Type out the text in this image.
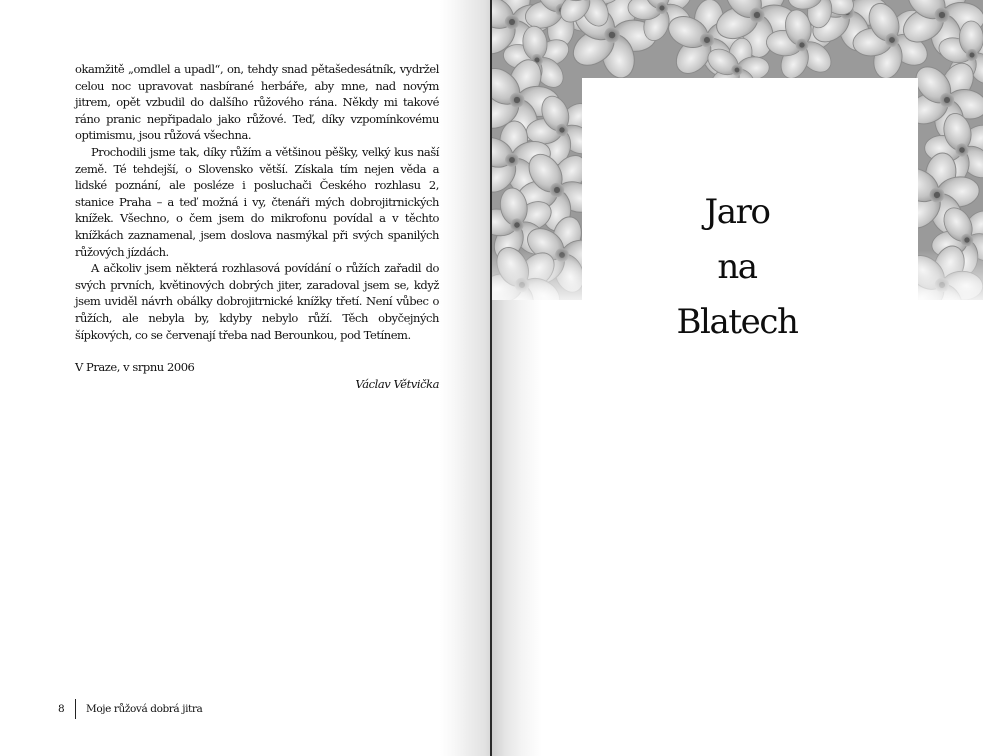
okamžitě „omdlel a upadl“, on, tehdy snad pětašedesátník, vydržel celou noc upravovat nasbírané herbáře, aby mne, nad novým jitrem, opět vzbudil do dalšího růžového rána. Někdy mi takové ráno pranic nepřipadalo jako růžové. Teď, díky vzpomínkovému optimismu, jsou růžová všechna.

Prochodili jsme tak, díky růžím a většinou pěšky, velký kus naší země. Té tehdejší, o Slovensko větší. Získala tím nejen věda a lidské poznání, ale posléze i posluchači Českého rozhlasu 2, stanice Praha – a teď možná i vy, čtenáři mých dobrojitrnických knížek. Všechno, o čem jsem do mikrofonu povídal a v těchto knížkách zaznamenal, jsem doslova nasmýkal při svých spanilých růžových jízdách.

A ačkoliv jsem některá rozhlasová povídání o růžích zařadil do svých prvních, květinových dobrých jiter, zaradoval jsem se, když jsem uviděl návrh obálky dobrojitrnické knížky třetí. Není vůbec o růžích, ale nebyla by, kdyby nebylo růží. Těch obyčejných šípkových, co se červenají třeba nad Berounkou, pod Tetínem.

V Praze, v srpnu 2006

Václav Větvička

8	Moje růžová dobrá jitra
Jaro
na
Blatech
